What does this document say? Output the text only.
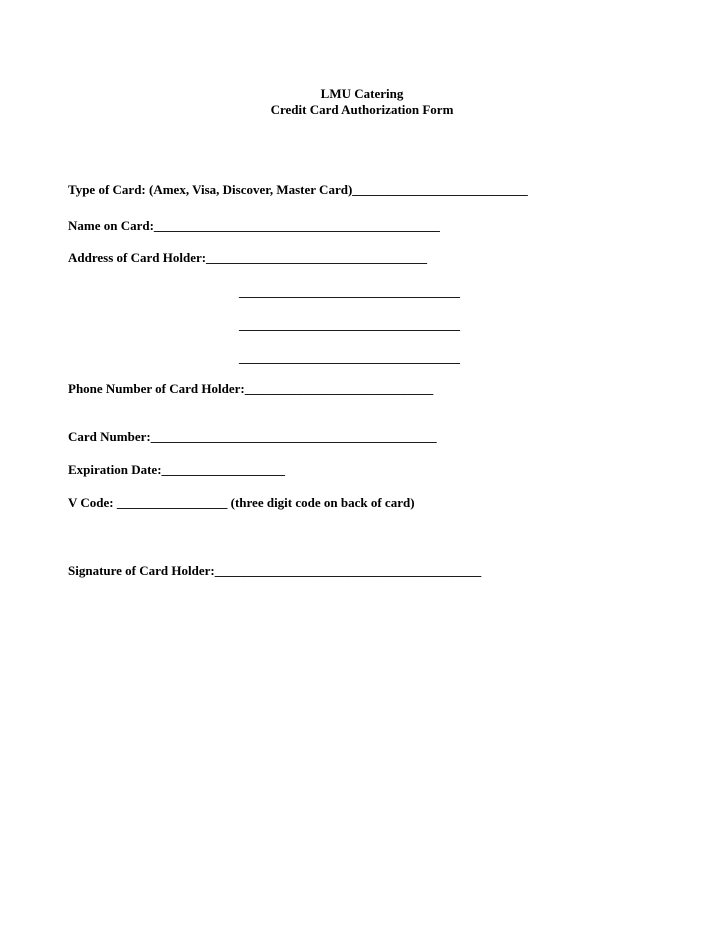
LMU Catering
Credit Card Authorization Form
Type of Card: (Amex, Visa, Discover, Master Card)___________________________
Name on Card:____________________________________________
Address of Card Holder:__________________________________
__________________________________
__________________________________
__________________________________
Phone Number of Card Holder:_____________________________
Card Number:____________________________________________
Expiration Date:___________________
V Code: _________________ (three digit code on back of card)
Signature of Card Holder:_________________________________________
